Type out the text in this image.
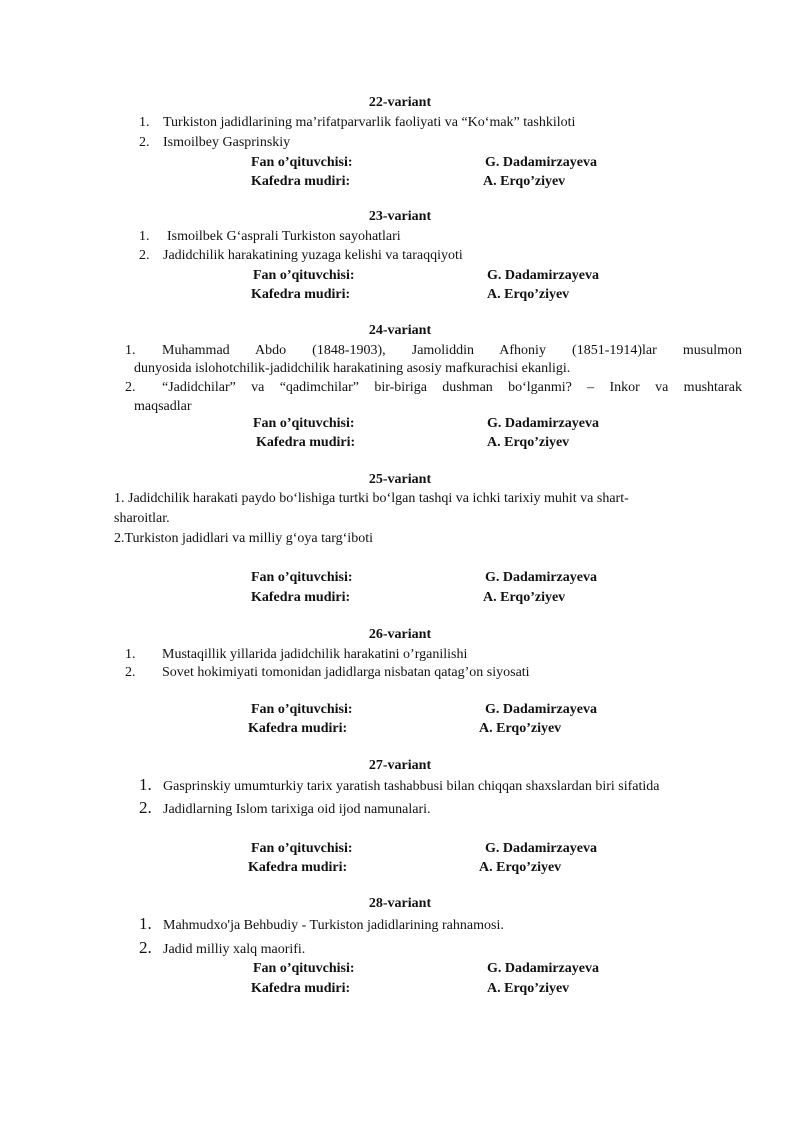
22-variant
1. Turkiston jadidlarining ma’rifatparvarlik faoliyati va “Ko‘mak” tashkiloti
2. Ismoilbey Gasprinskiy
Fan o’qituvchisi:	G. Dadamirzayeva
Kafedra mudiri:	A. Erqo’ziyev
23-variant
1. Ismoilbek G‘asprali Turkiston sayohatlari
2. Jadidchilik harakatining yuzaga kelishi va taraqqiyoti
Fan o’qituvchisi:	G. Dadamirzayeva
Kafedra mudiri:	A. Erqo’ziyev
24-variant
1. Muhammad Abdo (1848-1903), Jamoliddin Afhoniy (1851-1914)lar musulmon
dunyosida islohotchilik-jadidchilik harakatining asosiy mafkurachisi ekanligi.
2. “Jadidchilar” va “qadimchilar” bir-biriga dushman bo‘lganmi? – Inkor va mushtarak
maqsadlar
Fan o’qituvchisi:	G. Dadamirzayeva
Kafedra mudiri:	A. Erqo’ziyev
25-variant
1. Jadidchilik harakati paydo bo‘lishiga turtki bo‘lgan tashqi va ichki tarixiy muhit va shart-
sharoitlar.
2.Turkiston jadidlari va milliy g‘oya targ‘iboti
Fan o’qituvchisi:	G. Dadamirzayeva
Kafedra mudiri:	A. Erqo’ziyev
26-variant
1. Mustaqillik yillarida jadidchilik harakatini o’rganilishi
2. Sovet hokimiyati tomonidan jadidlarga nisbatan qatag’on siyosati
Fan o’qituvchisi:	G. Dadamirzayeva
Kafedra mudiri:	A. Erqo’ziyev
27-variant
1. Gasprinskiy umumturkiy tarix yaratish tashabbusi bilan chiqqan shaxslardan biri sifatida
2. Jadidlarning Islom tarixiga oid ijod namunalari.
Fan o’qituvchisi:	G. Dadamirzayeva
Kafedra mudiri:	A. Erqo’ziyev
28-variant
1. Mahmudxo'ja Behbudiy - Turkiston jadidlarining rahnamosi.
2. Jadid milliy xalq maorifi.
Fan o’qituvchisi:	G. Dadamirzayeva
Kafedra mudiri:	A. Erqo’ziyev
